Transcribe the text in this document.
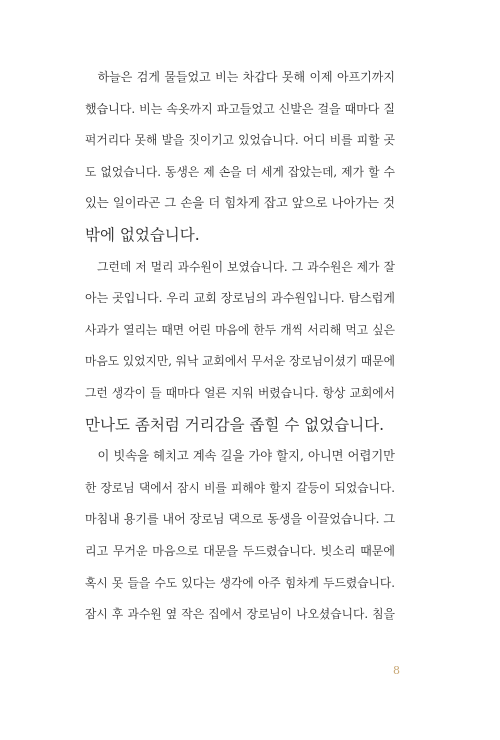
　하늘은 검게 물들었고 비는 차갑다 못해 이제 아프기까지
했습니다. 비는 속옷까지 파고들었고 신발은 걸을 때마다 질
퍽거리다 못해 발을 짓이기고 있었습니다. 어디 비를 피할 곳
도 없었습니다. 동생은 제 손을 더 세게 잡았는데, 제가 할 수
있는 일이라곤 그 손을 더 힘차게 잡고 앞으로 나아가는 것
밖에 없었습니다.
　그런데 저 멀리 과수원이 보였습니다. 그 과수원은 제가 잘
아는 곳입니다. 우리 교회 장로님의 과수원입니다. 탐스럽게
사과가 열리는 때면 어린 마음에 한두 개씩 서리해 먹고 싶은
마음도 있었지만, 워낙 교회에서 무서운 장로님이셨기 때문에
그런 생각이 들 때마다 얼른 지워 버렸습니다. 항상 교회에서
만나도 좀처럼 거리감을 좁힐 수 없었습니다.
　이 빗속을 헤치고 계속 길을 가야 할지, 아니면 어렵기만
한 장로님 댁에서 잠시 비를 피해야 할지 갈등이 되었습니다.
마침내 용기를 내어 장로님 댁으로 동생을 이끌었습니다. 그
리고 무거운 마음으로 대문을 두드렸습니다. 빗소리 때문에
혹시 못 들을 수도 있다는 생각에 아주 힘차게 두드렸습니다.
잠시 후 과수원 옆 작은 집에서 장로님이 나오셨습니다. 침을
8
